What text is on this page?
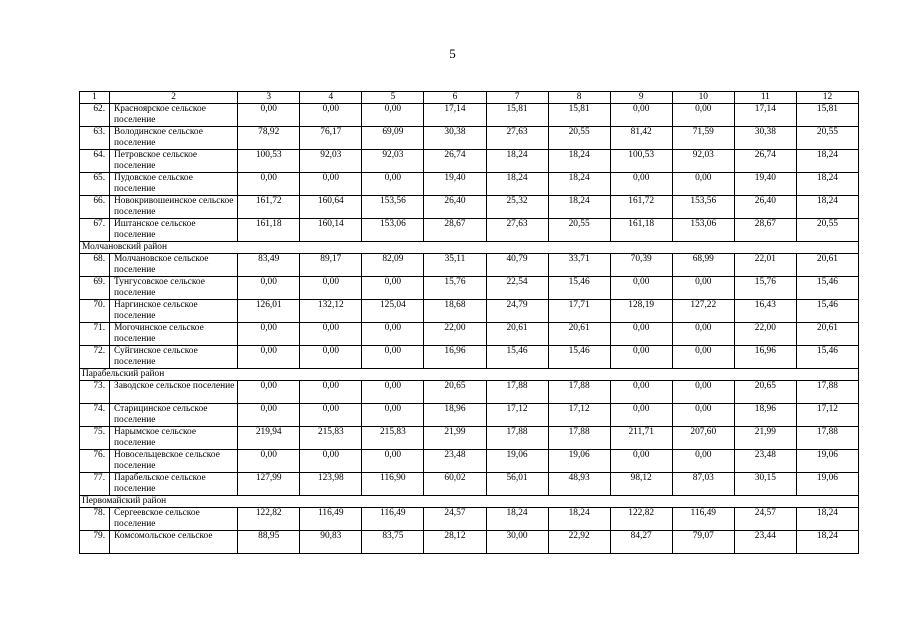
5
1	2	3	4	5	6	7	8	9	10	11	12
62.	Красноярское сельское поселение	0,00	0,00	0,00	17,14	15,81	15,81	0,00	0,00	17,14	15,81
63.	Володинское сельское поселение	78,92	76,17	69,09	30,38	27,63	20,55	81,42	71,59	30,38	20,55
64.	Петровское сельское поселение	100,53	92,03	92,03	26,74	18,24	18,24	100,53	92,03	26,74	18,24
65.	Пудовское сельское поселение	0,00	0,00	0,00	19,40	18,24	18,24	0,00	0,00	19,40	18,24
66.	Новокривошеинское сельское поселение	161,72	160,64	153,56	26,40	25,32	18,24	161,72	153,56	26,40	18,24
67.	Иштанское сельское поселение	161,18	160,14	153,06	28,67	27,63	20,55	161,18	153,06	28,67	20,55
Молчановский район											
68.	Молчановское сельское поселение	83,49	89,17	82,09	35,11	40,79	33,71	70,39	68,99	22,01	20,61
69.	Тунгусовское сельское поселение	0,00	0,00	0,00	15,76	22,54	15,46	0,00	0,00	15,76	15,46
70.	Наргинское сельское поселение	126,01	132,12	125,04	18,68	24,79	17,71	128,19	127,22	16,43	15,46
71.	Могочинское сельское поселение	0,00	0,00	0,00	22,00	20,61	20,61	0,00	0,00	22,00	20,61
72.	Суйгинское сельское поселение	0,00	0,00	0,00	16,96	15,46	15,46	0,00	0,00	16,96	15,46
Парабельский район											
73.	Заводское сельское поселение	0,00	0,00	0,00	20,65	17,88	17,88	0,00	0,00	20,65	17,88
74.	Старицинское сельское поселение	0,00	0,00	0,00	18,96	17,12	17,12	0,00	0,00	18,96	17,12
75.	Нарымское сельское поселение	219,94	215,83	215,83	21,99	17,88	17,88	211,71	207,60	21,99	17,88
76.	Новосельцевское сельское поселение	0,00	0,00	0,00	23,48	19,06	19,06	0,00	0,00	23,48	19,06
77.	Парабельское сельское поселение	127,99	123,98	116,90	60,02	56,01	48,93	98,12	87,03	30,15	19,06
Первомайский район											
78.	Сергеевское сельское поселение	122,82	116,49	116,49	24,57	18,24	18,24	122,82	116,49	24,57	18,24
79.	Комсомольское сельское	88,95	90,83	83,75	28,12	30,00	22,92	84,27	79,07	23,44	18,24
